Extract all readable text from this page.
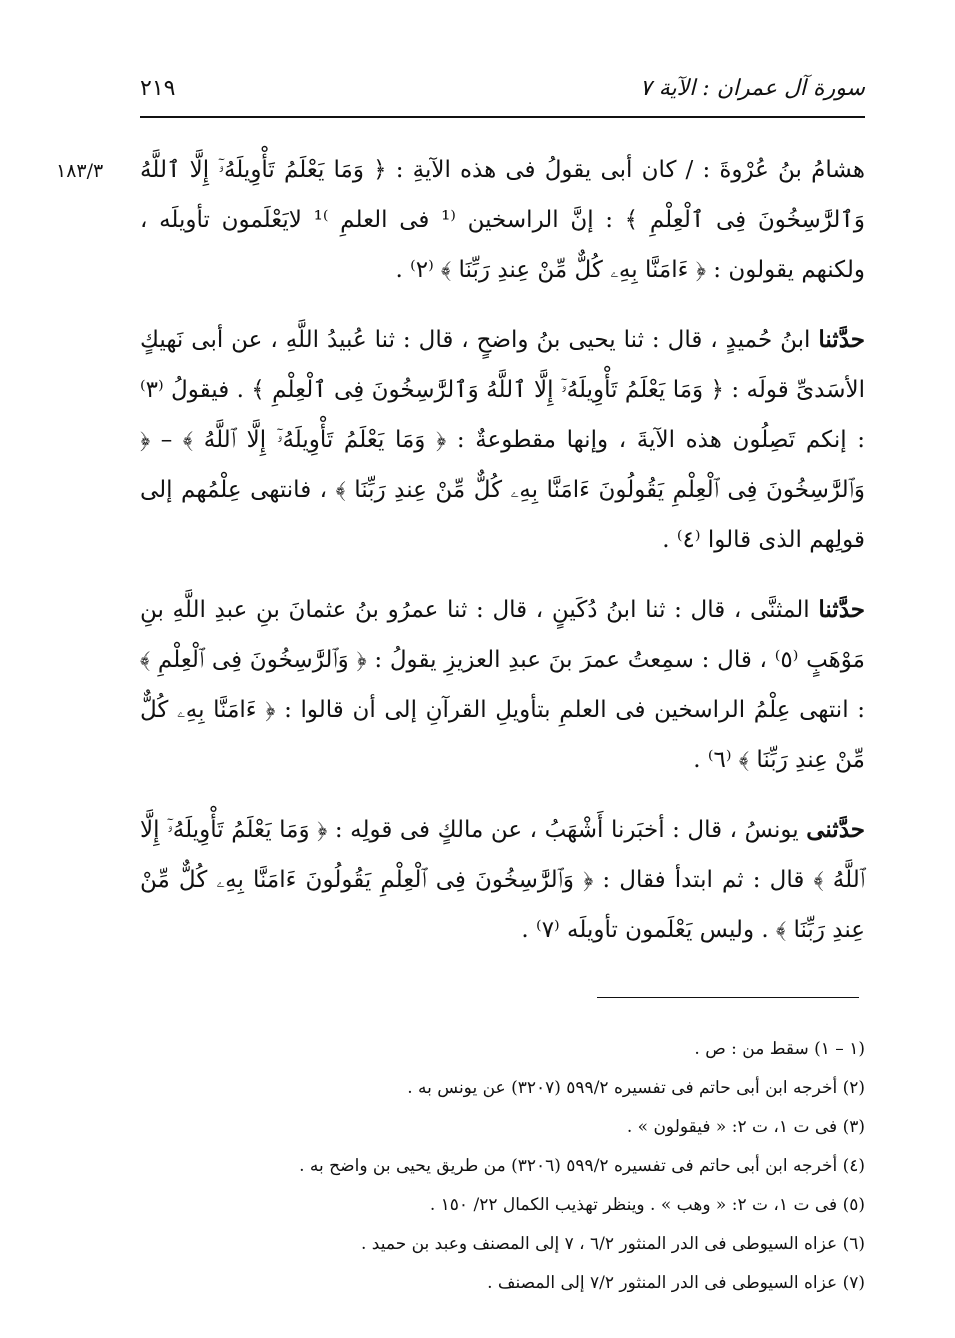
٢١٩	سورة آل عمران : الآية ٧
١٨٣/٣ هشامُ بنُ عُرْوةَ : / كان أبى يقولُ فى هذه الآيةِ : ﴿ وَمَا يَعْلَمُ تَأْوِيلَهُۥٓ إِلَّا ٱللَّهُ وَٱلرَّٰسِخُونَ فِى ٱلْعِلْمِ ﴾ : إنَّ الراسخين ⁽¹ فى العلمِ ⁾¹ لايَعْلَمون تأويلَه ، ولكنهم يقولون : ﴿ ءَامَنَّا بِهِۦ كُلٌّ مِّنْ عِندِ رَبِّنَا ﴾ ⁽٢⁾ .

حدَّثنا ابنُ حُميدٍ ، قال : ثنا يحيى بنُ واضحٍ ، قال : ثنا عُبيدُ اللَّهِ ، عن أبى نَهيكٍ الأسَدىِّ قولَه : ﴿ وَمَا يَعْلَمُ تَأْوِيلَهُۥٓ إِلَّا ٱللَّهُ وَٱلرَّٰسِخُونَ فِى ٱلْعِلْمِ ﴾ . فيقولُ ⁽٣⁾ : إنكم تَصِلُون هذه الآيةَ ، وإنها مقطوعةٌ : ﴿ وَمَا يَعْلَمُ تَأْوِيلَهُۥٓ إِلَّا ٱللَّهُ ﴾ – ﴿ وَٱلرَّٰسِخُونَ فِى ٱلْعِلْمِ يَقُولُونَ ءَامَنَّا بِهِۦ كُلٌّ مِّنْ عِندِ رَبِّنَا ﴾ ، فانتهى عِلْمُهم إلى قولِهم الذى قالوا ⁽٤⁾ .

حدَّثنا المثنَّى ، قال : ثنا ابنُ دُكَينٍ ، قال : ثنا عمرُو بنُ عثمانَ بنِ عبدِ اللَّهِ بنِ مَوْهَبٍ ⁽٥⁾ ، قال : سمِعتُ عمرَ بنَ عبدِ العزيزِ يقولُ : ﴿ وَٱلرَّٰسِخُونَ فِى ٱلْعِلْمِ ﴾ : انتهى عِلْمُ الراسخين فى العلمِ بتأويلِ القرآنِ إلى أن قالوا : ﴿ ءَامَنَّا بِهِۦ كُلٌّ مِّنْ عِندِ رَبِّنَا ﴾ ⁽٦⁾ .

حدَّثنى يونسُ ، قال : أخبَرنا أَشْهَبُ ، عن مالكٍ فى قولِه : ﴿ وَمَا يَعْلَمُ تَأْوِيلَهُۥٓ إِلَّا ٱللَّهُ ﴾ قال : ثم ابتدأ فقال : ﴿ وَٱلرَّٰسِخُونَ فِى ٱلْعِلْمِ يَقُولُونَ ءَامَنَّا بِهِۦ كُلٌّ مِّنْ عِندِ رَبِّنَا ﴾ . وليس يَعْلَمون تأويلَه ⁽٧⁾ .

(١ – ١) سقط من : ص .

(٢) أخرجه ابن أبى حاتم فى تفسيره ٥٩٩/٢ (٣٢٠٧) عن يونس به .

(٣) فى ت ١، ت ٢: « فيقولون » .

(٤) أخرجه ابن أبى حاتم فى تفسيره ٥٩٩/٢ (٣٢٠٦) من طريق يحيى بن واضح به .

(٥) فى ت ١، ت ٢: « وهب » . وينظر تهذيب الكمال ٢٢/ ١٥٠ .

(٦) عزاه السيوطى فى الدر المنثور ٦/٢ ، ٧ إلى المصنف وعبد بن حميد .

(٧) عزاه السيوطى فى الدر المنثور ٧/٢ إلى المصنف .
